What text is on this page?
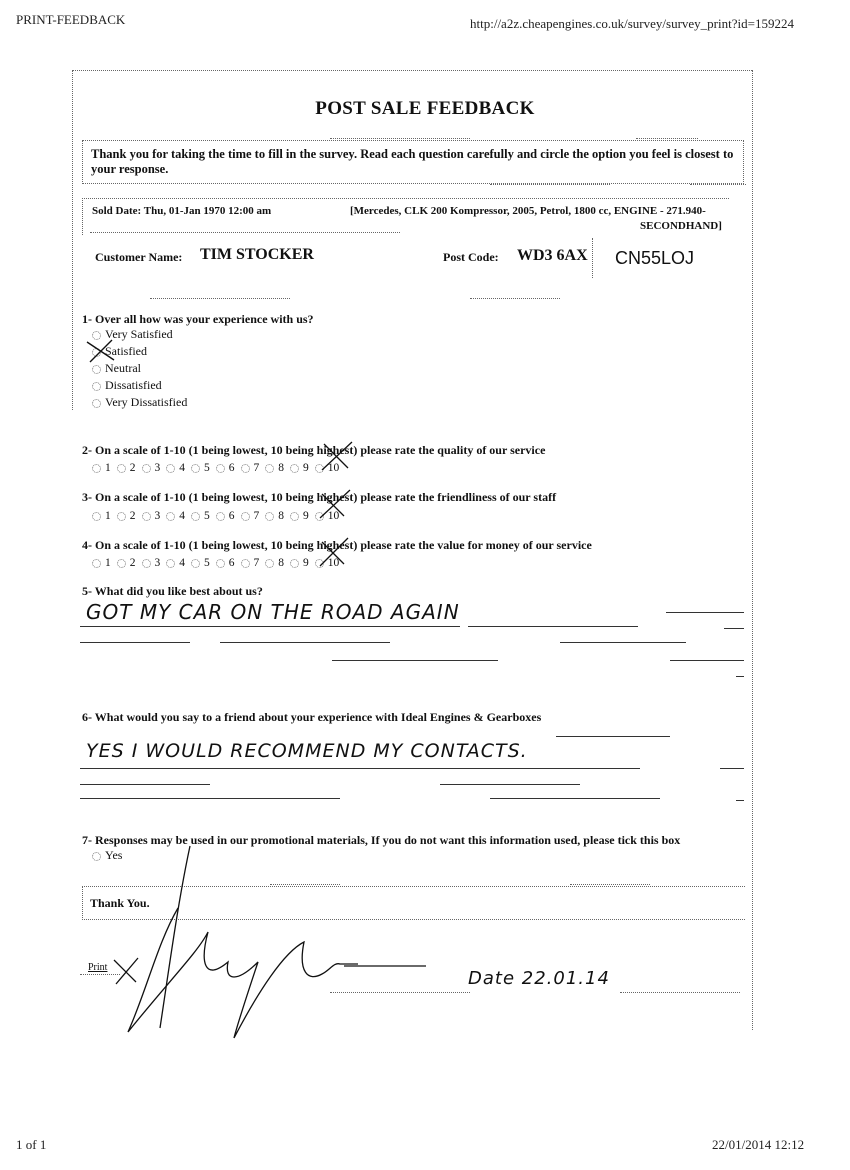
PRINT-FEEDBACK	http://a2z.cheapengines.co.uk/survey/survey_print?id=159224
POST SALE FEEDBACK
Thank you for taking the time to fill in the survey. Read each question carefully and circle the option you feel is closest to your response.
Sold Date: Thu, 01-Jan 1970 12:00 am	[Mercedes, CLK 200 Kompressor, 2005, Petrol, 1800 cc, ENGINE - 271.940-
SECONDHAND]
Customer Name: TIM STOCKER	Post Code: WD3 6AX CN55LOJ
1- Over all how was your experience with us?
Very Satisfied
Satisfied
Neutral
Dissatisfied
Very Dissatisfied
2- On a scale of 1-10 (1 being lowest, 10 being highest) please rate the quality of our service
1 2 3 4 5 6 7 8 9 10
3- On a scale of 1-10 (1 being lowest, 10 being highest) please rate the friendliness of our staff
1 2 3 4 5 6 7 8 9 10
4- On a scale of 1-10 (1 being lowest, 10 being highest) please rate the value for money of our service
1 2 3 4 5 6 7 8 9 10
5- What did you like best about us?
GOT MY CAR ON THE ROAD AGAIN
6- What would you say to a friend about your experience with Ideal Engines & Gearboxes
YES I WOULD RECOMMEND MY CONTACTS.
7- Responses may be used in our promotional materials, If you do not want this information used, please tick this box
Yes
Thank You.
Print
Date 22.01.14
1 of 1	22/01/2014 12:12
